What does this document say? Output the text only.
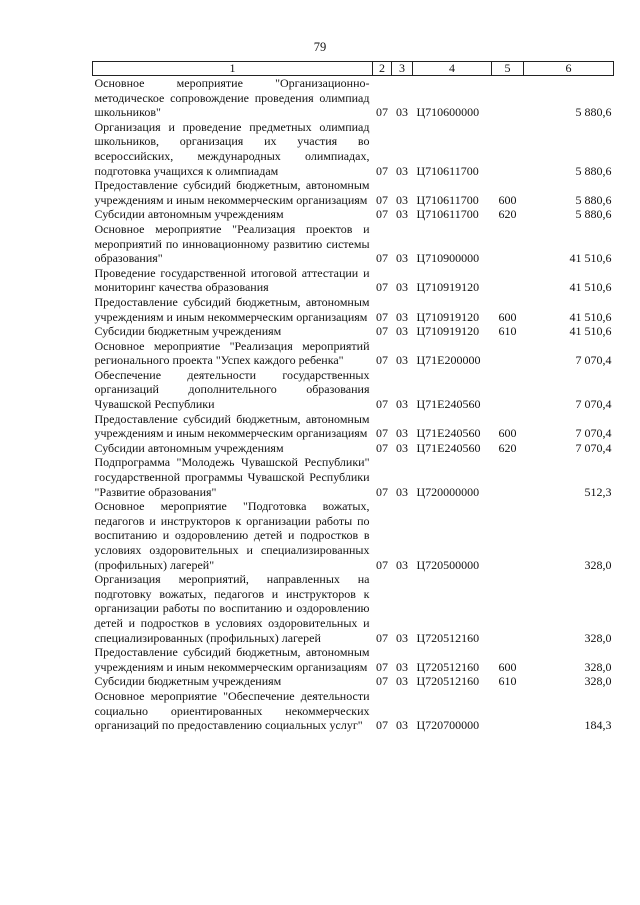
79
1	2	3	4	5	6
Основное мероприятие "Организационно-методическое сопровождение проведения олимпиад школьников"	07	03	Ц710600000		5 880,6
Организация и проведение предметных олимпиад школьников, организация их участия во всероссийских, международных олимпиадах, подготовка учащихся к олимпиадам	07	03	Ц710611700		5 880,6
Предоставление субсидий бюджетным, автономным учреждениям и иным некоммерческим организациям	07	03	Ц710611700	600	5 880,6
Субсидии автономным учреждениям	07	03	Ц710611700	620	5 880,6
Основное мероприятие "Реализация проектов и мероприятий по инновационному развитию системы образования"	07	03	Ц710900000		41 510,6
Проведение государственной итоговой аттестации и мониторинг качества образования	07	03	Ц710919120		41 510,6
Предоставление субсидий бюджетным, автономным учреждениям и иным некоммерческим организациям	07	03	Ц710919120	600	41 510,6
Субсидии бюджетным учреждениям	07	03	Ц710919120	610	41 510,6
Основное мероприятие "Реализация мероприятий регионального проекта "Успех каждого ребенка"	07	03	Ц71Е200000		7 070,4
Обеспечение деятельности государственных организаций дополнительного образования Чувашской Республики	07	03	Ц71Е240560		7 070,4
Предоставление субсидий бюджетным, автономным учреждениям и иным некоммерческим организациям	07	03	Ц71Е240560	600	7 070,4
Субсидии автономным учреждениям	07	03	Ц71Е240560	620	7 070,4
Подпрограмма "Молодежь Чувашской Республики" государственной программы Чувашской Республики "Развитие образования"	07	03	Ц720000000		512,3
Основное мероприятие "Подготовка вожатых, педагогов и инструкторов к организации работы по воспитанию и оздоровлению детей и подростков в условиях оздоровительных и специализированных (профильных) лагерей"	07	03	Ц720500000		328,0
Организация мероприятий, направленных на подготовку вожатых, педагогов и инструкторов к организации работы по воспитанию и оздоровлению детей и подростков в условиях оздоровительных и специализированных (профильных) лагерей	07	03	Ц720512160		328,0
Предоставление субсидий бюджетным, автономным учреждениям и иным некоммерческим организациям	07	03	Ц720512160	600	328,0
Субсидии бюджетным учреждениям	07	03	Ц720512160	610	328,0
Основное мероприятие "Обеспечение деятельности социально ориентированных некоммерческих организаций по предоставлению социальных услуг"	07	03	Ц720700000		184,3
